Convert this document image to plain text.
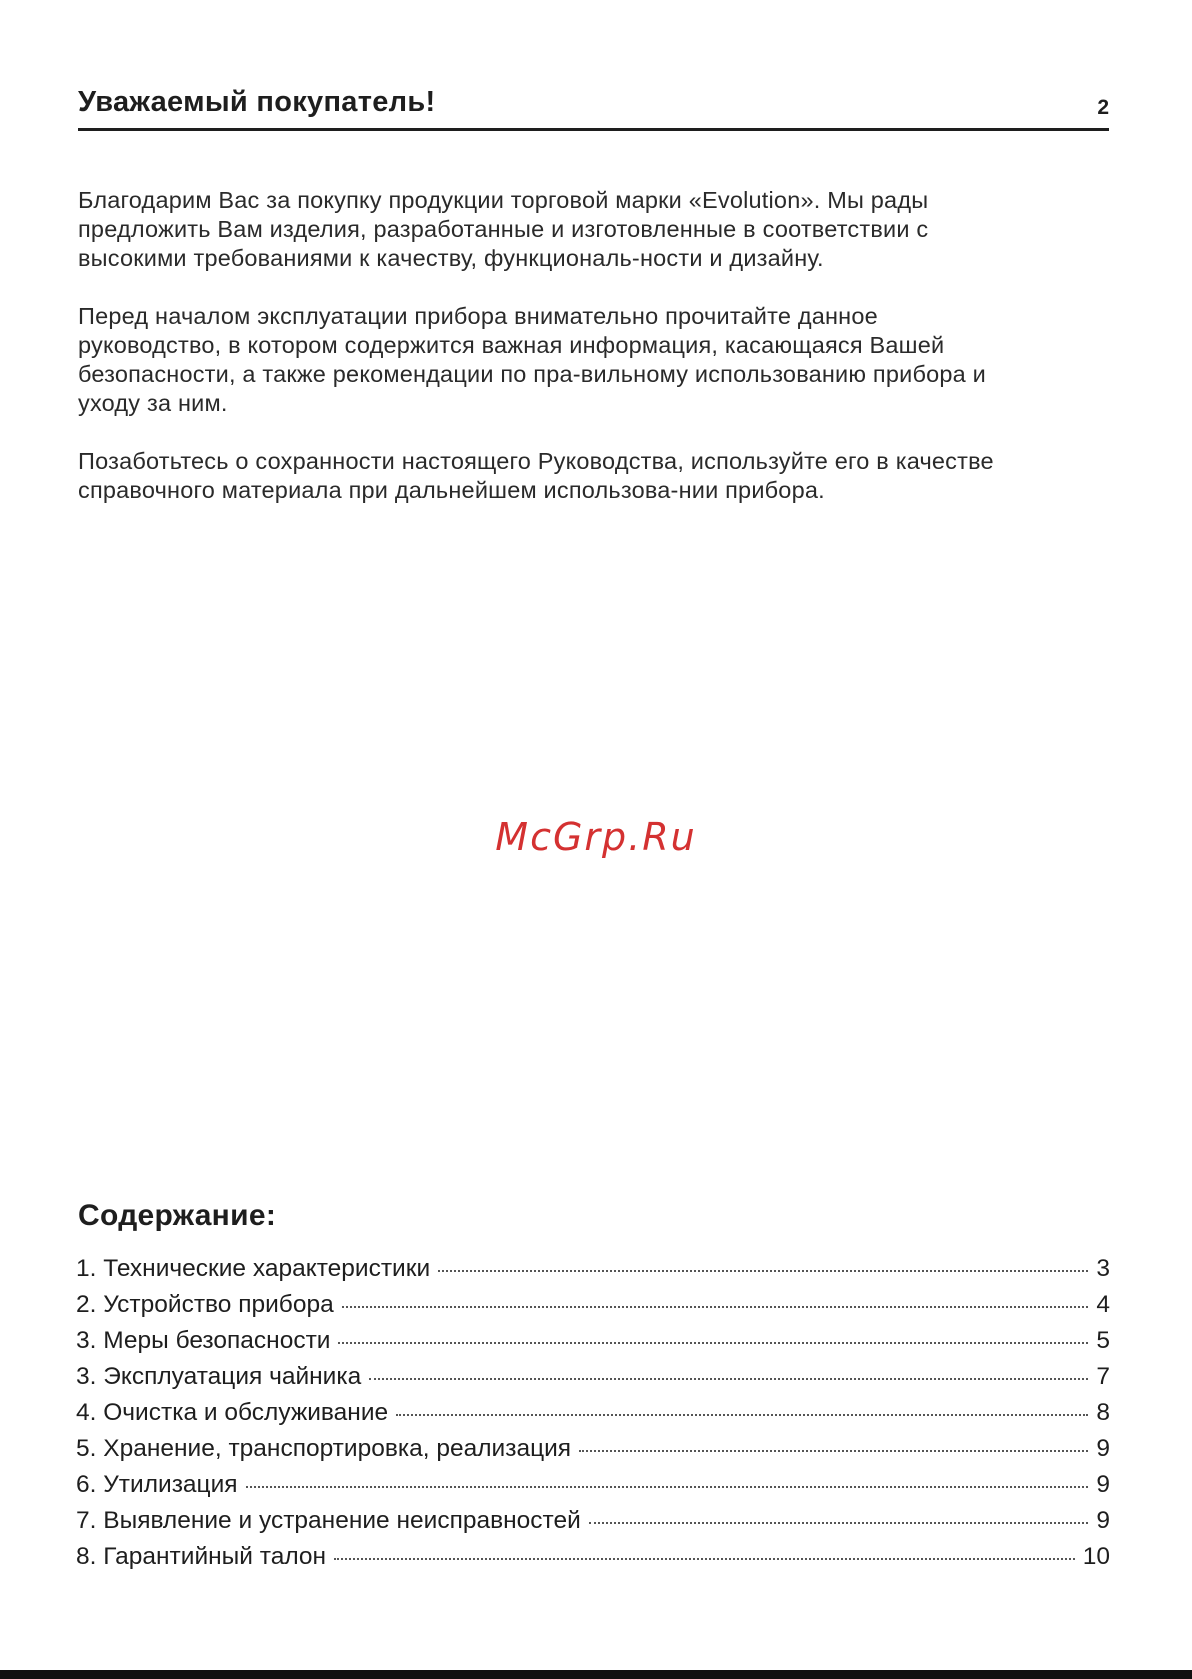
Уважаемый покупатель!	2

Благодарим Вас за покупку продукции торговой марки «Evolution». Мы рады предложить Вам изделия, разработанные и изготовленные в соответствии с высокими требованиями к качеству, функциональ-ности и дизайну.

Перед началом эксплуатации прибора внимательно прочитайте данное руководство, в котором содержится важная информация, касающаяся Вашей безопасности, а также рекомендации по пра-вильному использованию прибора и уходу за ним.

Позаботьтесь о сохранности настоящего Руководства, используйте его в качестве справочного материала при дальнейшем использова-нии прибора.

McGrp.Ru
Содержание:
1. Технические характеристики	3
2. Устройство прибора	4
3. Меры безопасности	5
3. Эксплуатация чайника	7
4. Очистка и обслуживание	8
5. Хранение, транспортировка, реализация	9
6. Утилизация	9
7. Выявление и устранение неисправностей	9
8. Гарантийный талон	10
